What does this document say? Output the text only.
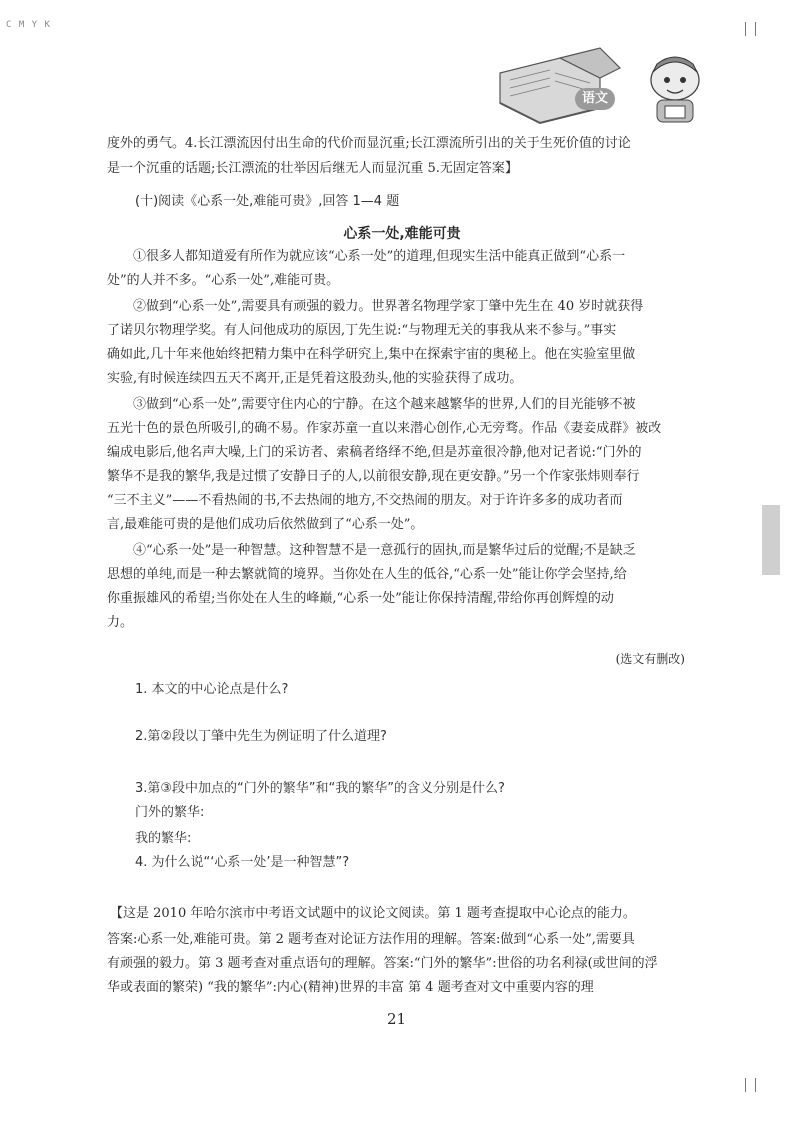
C M Y K
语文
度外的勇气。4.长江漂流因付出生命的代价而显沉重;长江漂流所引出的关于生死价值的讨论
是一个沉重的话题;长江漂流的壮举因后继无人而显沉重 5.无固定答案】
(十)阅读《心系一处,难能可贵》,回答 1—4 题
心系一处,难能可贵
①很多人都知道爱有所作为就应该“心系一处”的道理,但现实生活中能真正做到“心系一
处”的人并不多。“心系一处”,难能可贵。
②做到“心系一处”,需要具有顽强的毅力。世界著名物理学家丁肇中先生在 40 岁时就获得
了诺贝尔物理学奖。有人问他成功的原因,丁先生说:“与物理无关的事我从来不参与。”事实
确如此,几十年来他始终把精力集中在科学研究上,集中在探索宇宙的奥秘上。他在实验室里做
实验,有时候连续四五天不离开,正是凭着这股劲头,他的实验获得了成功。
③做到“心系一处”,需要守住内心的宁静。在这个越来越繁华的世界,人们的目光能够不被
五光十色的景色所吸引,的确不易。作家苏童一直以来潜心创作,心无旁骛。作品《妻妾成群》被改
编成电影后,他名声大噪,上门的采访者、索稿者络绎不绝,但是苏童很冷静,他对记者说:“门外的
繁华不是我的繁华,我是过惯了安静日子的人,以前很安静,现在更安静。”另一个作家张炜则奉行
“三不主义”——不看热闹的书,不去热闹的地方,不交热闹的朋友。对于许许多多的成功者而
言,最难能可贵的是他们成功后依然做到了“心系一处”。
④“心系一处”是一种智慧。这种智慧不是一意孤行的固执,而是繁华过后的觉醒;不是缺乏
思想的单纯,而是一种去繁就简的境界。当你处在人生的低谷,“心系一处”能让你学会坚持,给
你重振雄风的希望;当你处在人生的峰巅,“心系一处”能让你保持清醒,带给你再创辉煌的动
力。
(选文有删改)
1. 本文的中心论点是什么?
2.第②段以丁肇中先生为例证明了什么道理?
3.第③段中加点的“门外的繁华”和“我的繁华”的含义分别是什么?
门外的繁华:
我的繁华:
4. 为什么说“‘心系一处’是一种智慧”?
【这是 2010 年哈尔滨市中考语文试题中的议论文阅读。第 1 题考查提取中心论点的能力。
答案:心系一处,难能可贵。第 2 题考查对论证方法作用的理解。答案:做到“心系一处”,需要具
有顽强的毅力。第 3 题考查对重点语句的理解。答案:“门外的繁华”:世俗的功名利禄(或世间的浮
华或表面的繁荣) “我的繁华”:内心(精神)世界的丰富 第 4 题考查对文中重要内容的理
21
